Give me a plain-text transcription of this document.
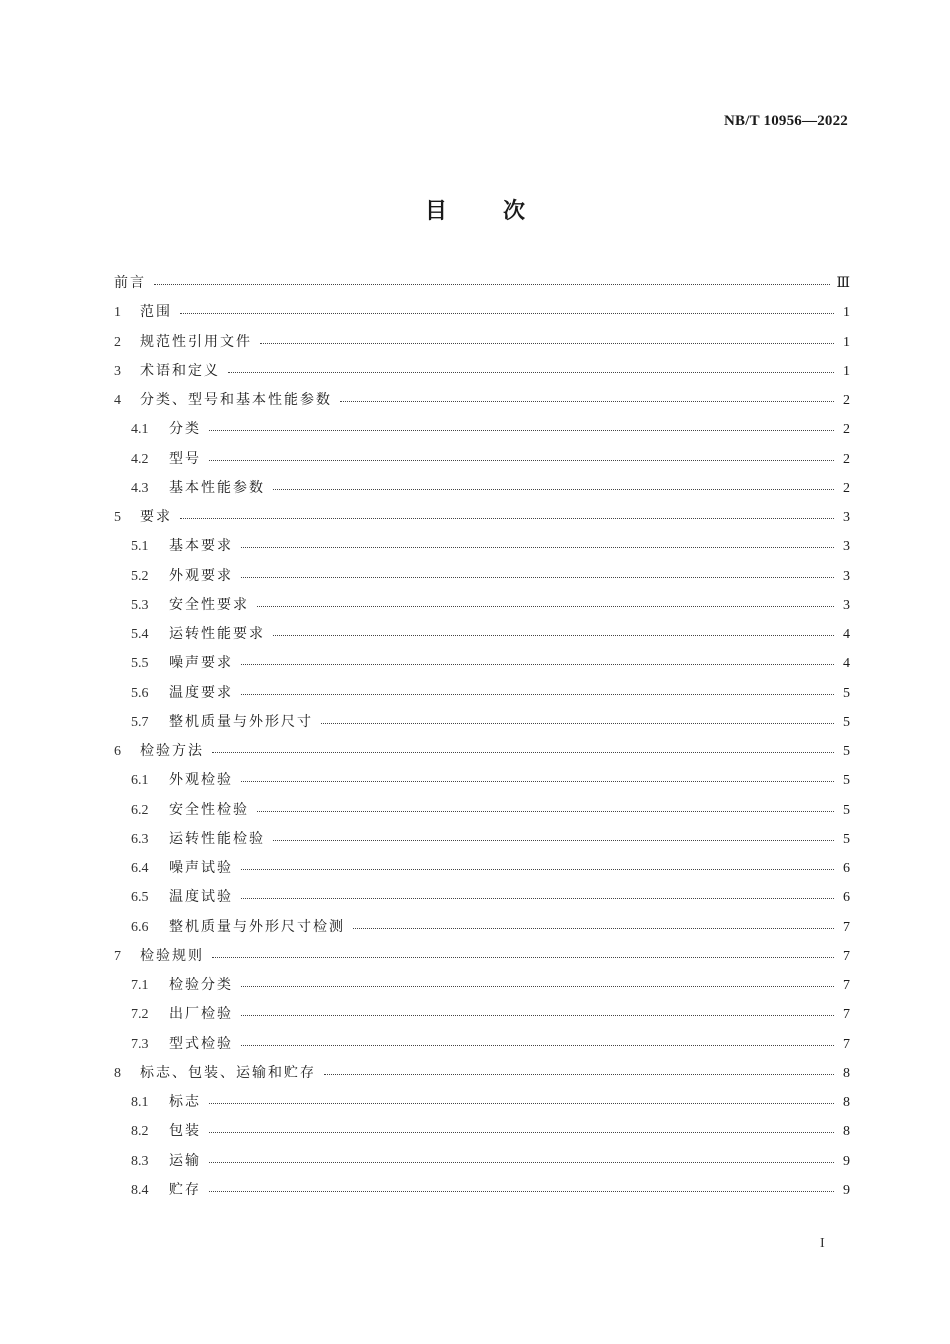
NB/T 10956—2022
目次
前言	Ⅲ
1	范围	1
2	规范性引用文件	1
3	术语和定义	1
4	分类、型号和基本性能参数	2
4.1	分类	2
4.2	型号	2
4.3	基本性能参数	2
5	要求	3
5.1	基本要求	3
5.2	外观要求	3
5.3	安全性要求	3
5.4	运转性能要求	4
5.5	噪声要求	4
5.6	温度要求	5
5.7	整机质量与外形尺寸	5
6	检验方法	5
6.1	外观检验	5
6.2	安全性检验	5
6.3	运转性能检验	5
6.4	噪声试验	6
6.5	温度试验	6
6.6	整机质量与外形尺寸检测	7
7	检验规则	7
7.1	检验分类	7
7.2	出厂检验	7
7.3	型式检验	7
8	标志、包装、运输和贮存	8
8.1	标志	8
8.2	包装	8
8.3	运输	9
8.4	贮存	9
I
